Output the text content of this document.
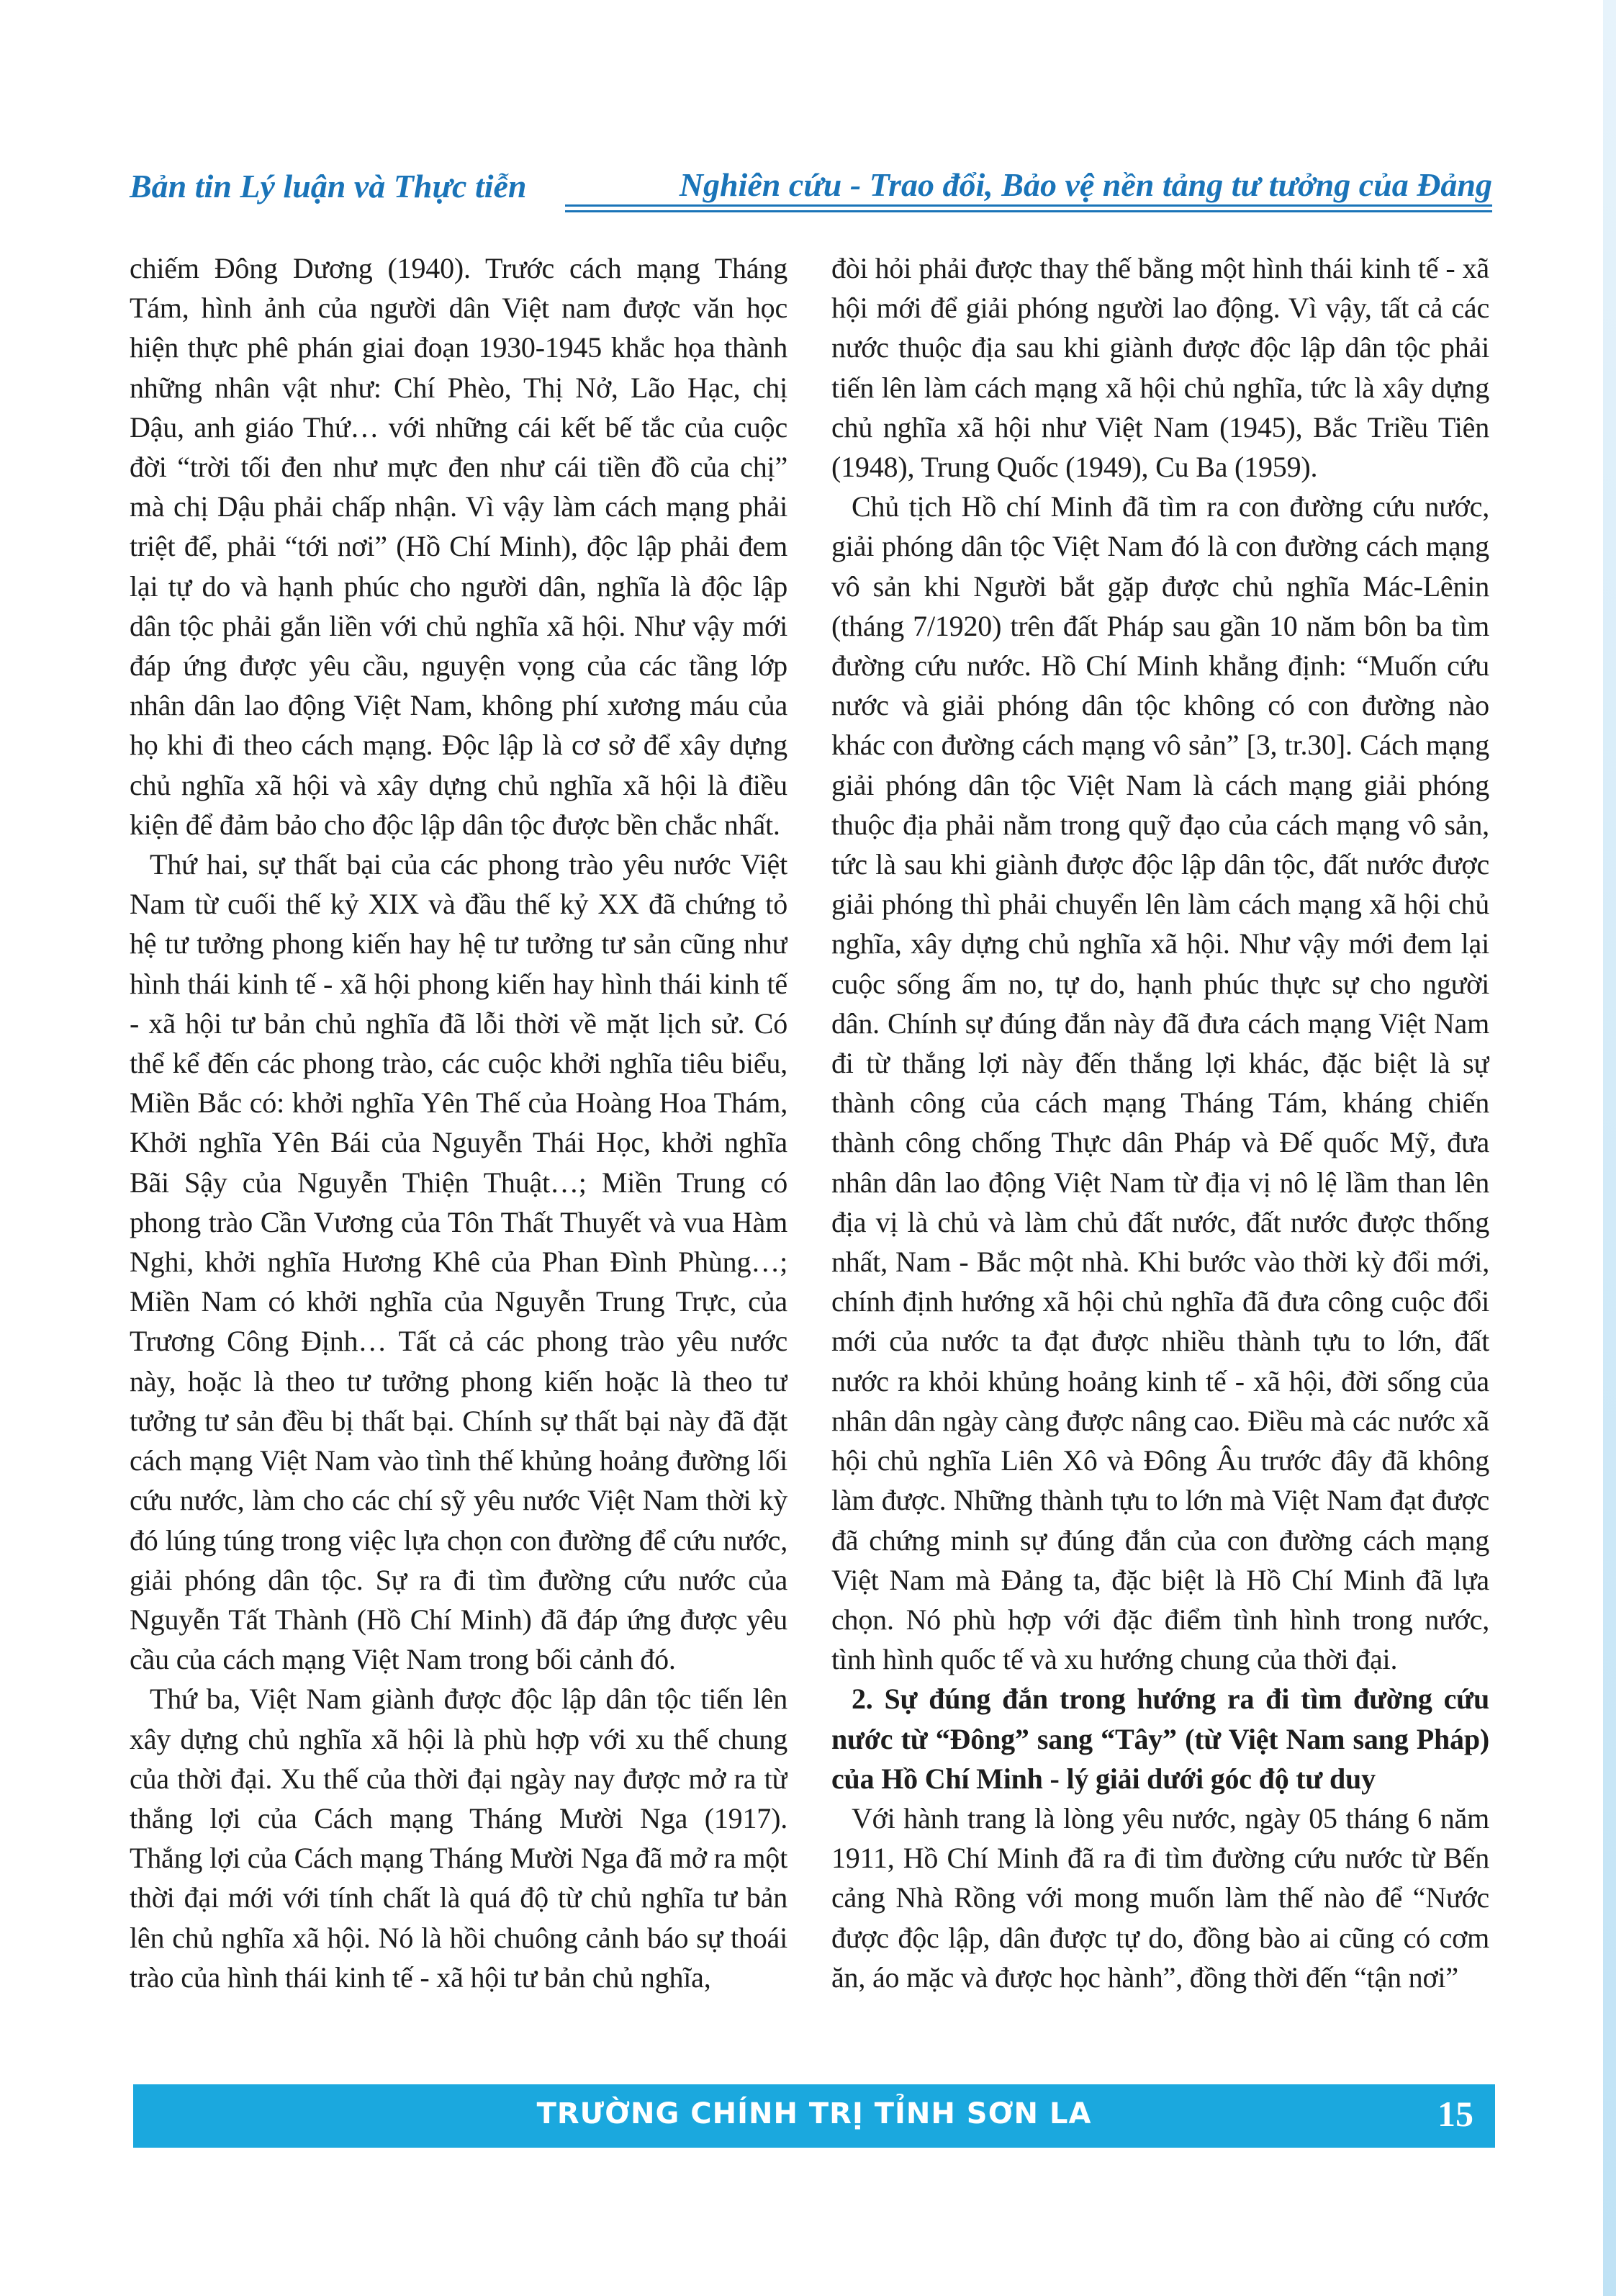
Bản tin Lý luận và Thực tiễn	Nghiên cứu - Trao đổi, Bảo vệ nền tảng tư tưởng của Đảng

chiếm Đông Dương (1940). Trước cách mạng Tháng Tám, hình ảnh của người dân Việt nam được văn học hiện thực phê phán giai đoạn 1930-1945 khắc họa thành những nhân vật như: Chí Phèo, Thị Nở, Lão Hạc, chị Dậu, anh giáo Thứ… với những cái kết bế tắc của cuộc đời “trời tối đen như mực đen như cái tiền đồ của chị” mà chị Dậu phải chấp nhận. Vì vậy làm cách mạng phải triệt để, phải “tới nơi” (Hồ Chí Minh), độc lập phải đem lại tự do và hạnh phúc cho người dân, nghĩa là độc lập dân tộc phải gắn liền với chủ nghĩa xã hội. Như vậy mới đáp ứng được yêu cầu, nguyện vọng của các tầng lớp nhân dân lao động Việt Nam, không phí xương máu của họ khi đi theo cách mạng. Độc lập là cơ sở để xây dựng chủ nghĩa xã hội và xây dựng chủ nghĩa xã hội là điều kiện để đảm bảo cho độc lập dân tộc được bền chắc nhất.

Thứ hai, sự thất bại của các phong trào yêu nước Việt Nam từ cuối thế kỷ XIX và đầu thế kỷ XX đã chứng tỏ hệ tư tưởng phong kiến hay hệ tư tưởng tư sản cũng như hình thái kinh tế - xã hội phong kiến hay hình thái kinh tế - xã hội tư bản chủ nghĩa đã lỗi thời về mặt lịch sử. Có thể kể đến các phong trào, các cuộc khởi nghĩa tiêu biểu, Miền Bắc có: khởi nghĩa Yên Thế của Hoàng Hoa Thám, Khởi nghĩa Yên Bái của Nguyễn Thái Học, khởi nghĩa Bãi Sậy của Nguyễn Thiện Thuật…; Miền Trung có phong trào Cần Vương của Tôn Thất Thuyết và vua Hàm Nghi, khởi nghĩa Hương Khê của Phan Đình Phùng…; Miền Nam có khởi nghĩa của Nguyễn Trung Trực, của Trương Công Định… Tất cả các phong trào yêu nước này, hoặc là theo tư tưởng phong kiến hoặc là theo tư tưởng tư sản đều bị thất bại. Chính sự thất bại này đã đặt cách mạng Việt Nam vào tình thế khủng hoảng đường lối cứu nước, làm cho các chí sỹ yêu nước Việt Nam thời kỳ đó lúng túng trong việc lựa chọn con đường để cứu nước, giải phóng dân tộc. Sự ra đi tìm đường cứu nước của Nguyễn Tất Thành (Hồ Chí Minh) đã đáp ứng được yêu cầu của cách mạng Việt Nam trong bối cảnh đó.

Thứ ba, Việt Nam giành được độc lập dân tộc tiến lên xây dựng chủ nghĩa xã hội là phù hợp với xu thế chung của thời đại. Xu thế của thời đại ngày nay được mở ra từ thắng lợi của Cách mạng Tháng Mười Nga (1917). Thắng lợi của Cách mạng Tháng Mười Nga đã mở ra một thời đại mới với tính chất là quá độ từ chủ nghĩa tư bản lên chủ nghĩa xã hội. Nó là hồi chuông cảnh báo sự thoái trào của hình thái kinh tế - xã hội tư bản chủ nghĩa,

đòi hỏi phải được thay thế bằng một hình thái kinh tế - xã hội mới để giải phóng người lao động. Vì vậy, tất cả các nước thuộc địa sau khi giành được độc lập dân tộc phải tiến lên làm cách mạng xã hội chủ nghĩa, tức là xây dựng chủ nghĩa xã hội như Việt Nam (1945), Bắc Triều Tiên (1948), Trung Quốc (1949), Cu Ba (1959).

Chủ tịch Hồ chí Minh đã tìm ra con đường cứu nước, giải phóng dân tộc Việt Nam đó là con đường cách mạng vô sản khi Người bắt gặp được chủ nghĩa Mác-Lênin (tháng 7/1920) trên đất Pháp sau gần 10 năm bôn ba tìm đường cứu nước. Hồ Chí Minh khẳng định: “Muốn cứu nước và giải phóng dân tộc không có con đường nào khác con đường cách mạng vô sản” [3, tr.30]. Cách mạng giải phóng dân tộc Việt Nam là cách mạng giải phóng thuộc địa phải nằm trong quỹ đạo của cách mạng vô sản, tức là sau khi giành được độc lập dân tộc, đất nước được giải phóng thì phải chuyển lên làm cách mạng xã hội chủ nghĩa, xây dựng chủ nghĩa xã hội. Như vậy mới đem lại cuộc sống ấm no, tự do, hạnh phúc thực sự cho người dân. Chính sự đúng đắn này đã đưa cách mạng Việt Nam đi từ thắng lợi này đến thắng lợi khác, đặc biệt là sự thành công của cách mạng Tháng Tám, kháng chiến thành công chống Thực dân Pháp và Đế quốc Mỹ, đưa nhân dân lao động Việt Nam từ địa vị nô lệ lầm than lên địa vị là chủ và làm chủ đất nước, đất nước được thống nhất, Nam - Bắc một nhà. Khi bước vào thời kỳ đổi mới, chính định hướng xã hội chủ nghĩa đã đưa công cuộc đổi mới của nước ta đạt được nhiều thành tựu to lớn, đất nước ra khỏi khủng hoảng kinh tế - xã hội, đời sống của nhân dân ngày càng được nâng cao. Điều mà các nước xã hội chủ nghĩa Liên Xô và Đông Âu trước đây đã không làm được. Những thành tựu to lớn mà Việt Nam đạt được đã chứng minh sự đúng đắn của con đường cách mạng Việt Nam mà Đảng ta, đặc biệt là Hồ Chí Minh đã lựa chọn. Nó phù hợp với đặc điểm tình hình trong nước, tình hình quốc tế và xu hướng chung của thời đại.

2. Sự đúng đắn trong hướng ra đi tìm đường cứu nước từ “Đông” sang “Tây” (từ Việt Nam sang Pháp) của Hồ Chí Minh - lý giải dưới góc độ tư duy

Với hành trang là lòng yêu nước, ngày 05 tháng 6 năm 1911, Hồ Chí Minh đã ra đi tìm đường cứu nước từ Bến cảng Nhà Rồng với mong muốn làm thế nào để “Nước được độc lập, dân được tự do, đồng bào ai cũng có cơm ăn, áo mặc và được học hành”, đồng thời đến “tận nơi”

TRƯỜNG CHÍNH TRỊ TỈNH SƠN LA	15
